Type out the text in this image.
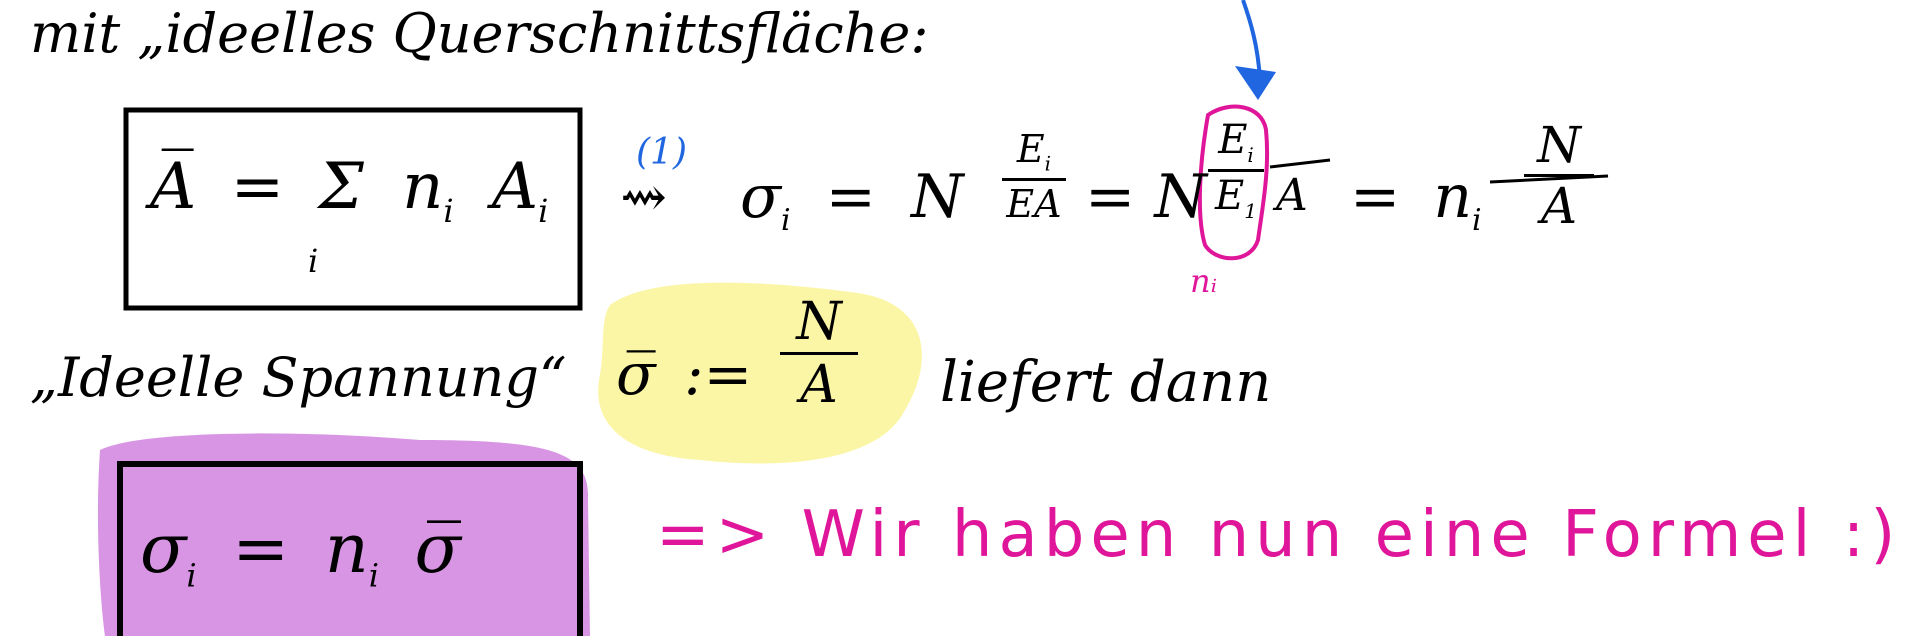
mit „ideelles Querschnittsfläche:
A̅ = Σ $n_i$ $A_i$
i
(1)
⇝ $\sigma_i = N$
$E_i$
EA = N
$E_i$
$E_1$ A
nᵢ
= $n_i$
N
A
„Ideelle Spannung“ σ̅ :=
N
A	liefert dann
$\sigma_i = n_i$ σ̅	=> Wir haben nun eine Formel :)
